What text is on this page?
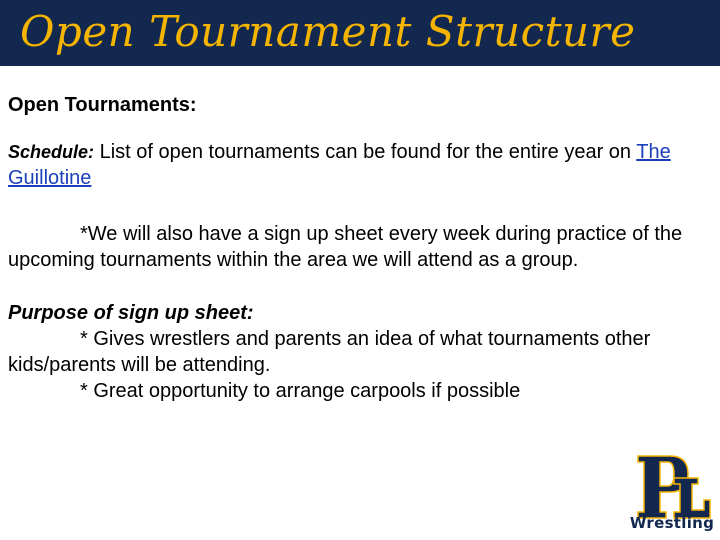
Open Tournament Structure

Open Tournaments:

Schedule: List of open tournaments can be found for the entire year on The Guillotine

*We will also have a sign up sheet every week during practice of the upcoming tournaments within the area we will attend as a group.

Purpose of sign up sheet:

* Gives wrestlers and parents an idea of what tournaments other kids/parents will be attending.

* Great opportunity to arrange carpools if possible

Wrestling
